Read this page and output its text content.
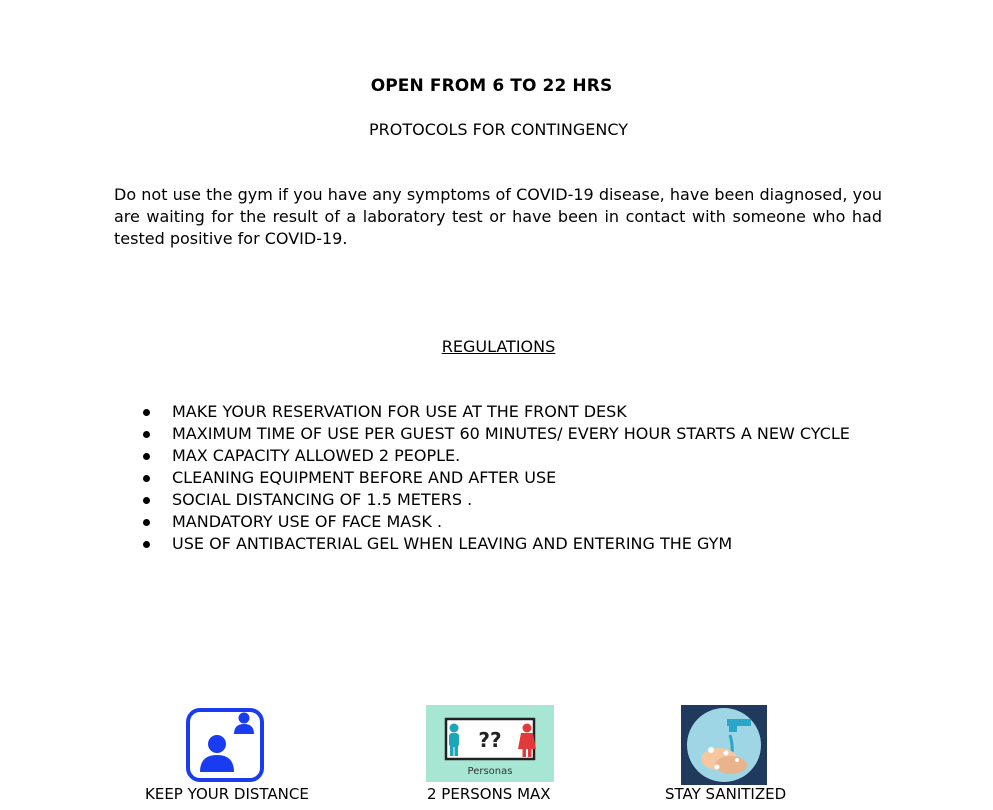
OPEN FROM 6 TO 22 HRS
PROTOCOLS FOR CONTINGENCY
Do not use the gym if you have any symptoms of COVID-19 disease, have been diagnosed, you are waiting for the result of a laboratory test or have been in contact with someone who had tested positive for COVID-19.
REGULATIONS
MAKE YOUR RESERVATION FOR USE AT THE FRONT DESK
MAXIMUM TIME OF USE PER GUEST 60 MINUTES/ EVERY HOUR STARTS A NEW CYCLE
MAX CAPACITY ALLOWED 2 PEOPLE.
CLEANING EQUIPMENT BEFORE AND AFTER USE
SOCIAL DISTANCING OF 1.5 METERS .
MANDATORY USE OF FACE MASK .
USE OF ANTIBACTERIAL GEL WHEN LEAVING AND ENTERING THE GYM
KEEP YOUR DISTANCE
??
Personas
2 PERSONS MAX	STAY SANITIZED
